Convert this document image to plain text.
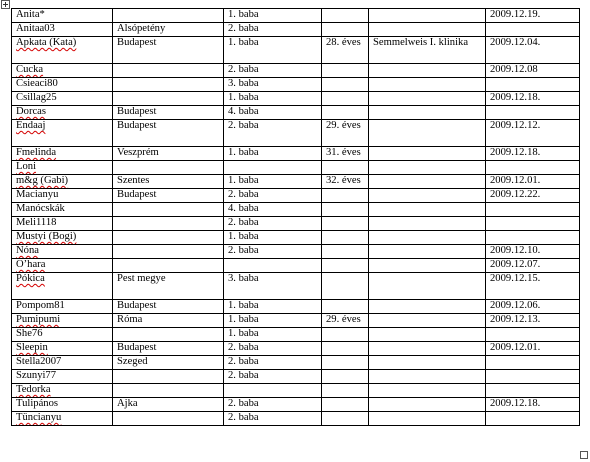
Anita*		1. baba			2009.12.19.
Anitaa03	Alsópetény	2. baba			
Apkata (Kata)	Budapest	1. baba	28. éves	Semmelweis I. klinika	2009.12.04.
Cucka		2. baba			2009.12.08
Csieaci80		3. baba			
Csillag25		1. baba			2009.12.18.
Dorcas	Budapest	4. baba			
Endaaj	Budapest	2. baba	29. éves		2009.12.12.
Fmelinda	Veszprém	1. baba	31. éves		2009.12.18.
Loni					
m&g (Gabi)	Szentes	1. baba	32. éves		2009.12.01.
Macianyu	Budapest	2. baba			2009.12.22.
Manócskák		4. baba			
Meli1118		2. baba			
Mustyi (Bogi)		1. baba			
Nóna		2. baba			2009.12.10.
O’hara					2009.12.07.
Pókica	Pest megye	3. baba			2009.12.15.
Pompom81	Budapest	1. baba			2009.12.06.
Pumipumi	Róma	1. baba	29. éves		2009.12.13.
She76		1. baba			
Sleepin	Budapest	2. baba			2009.12.01.
Stella2007	Szeged	2. baba			
Szunyi77		2. baba			
Tedorka					
Tulipános	Ajka	2. baba			2009.12.18.
Tüncianyu		2. baba			
